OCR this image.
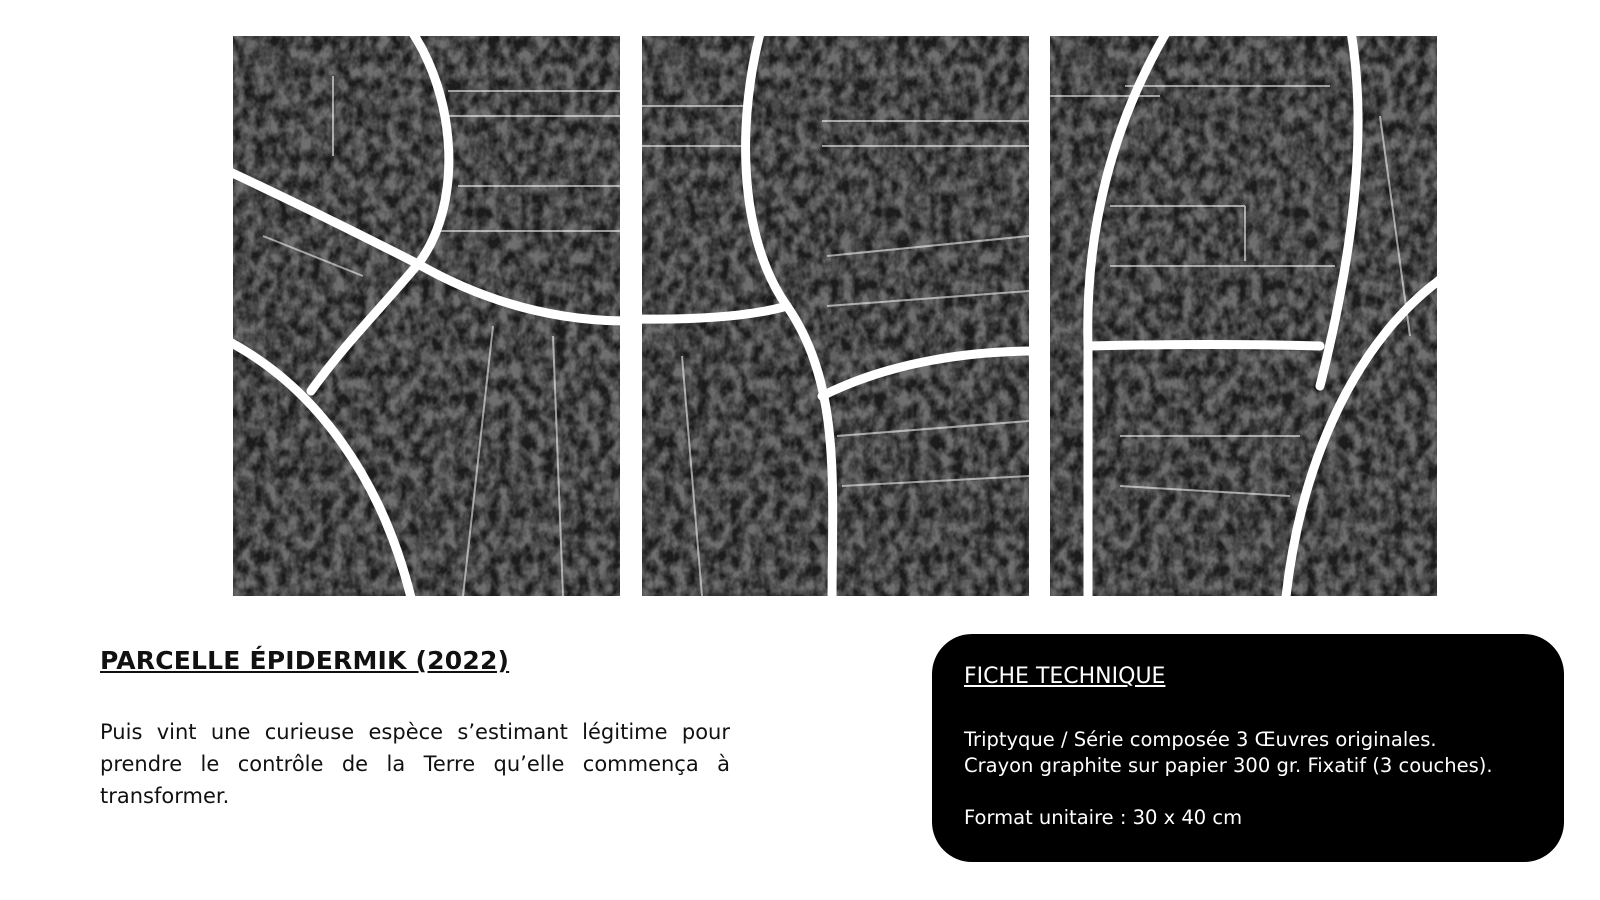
PARCELLE ÉPIDERMIK (2022)

Puis vint une curieuse espèce s’estimant légitime pour prendre le contrôle de la Terre qu’elle commença à transformer.

FICHE TECHNIQUE

Triptyque / Série composée 3 Œuvres originales.

Crayon graphite sur papier 300 gr. Fixatif (3 couches).

Format unitaire : 30 x 40 cm
